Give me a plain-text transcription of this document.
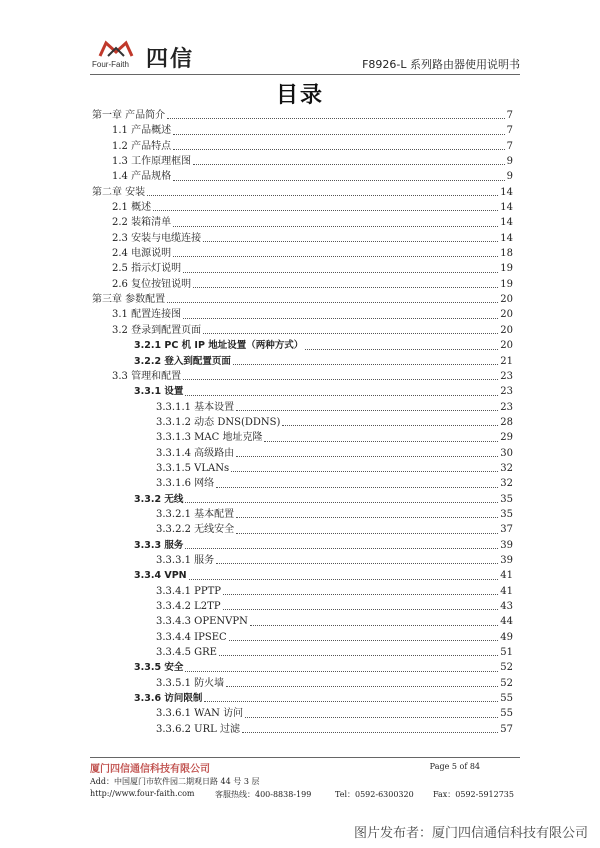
Four-Faith 四信	F8926-L 系列路由器使用说明书
目录
第一章 产品简介	7
1.1 产品概述	7
1.2 产品特点	7
1.3 工作原理框图	9
1.4 产品规格	9
第二章 安装	14
2.1 概述	14
2.2 装箱清单	14
2.3 安装与电缆连接	14
2.4 电源说明	18
2.5 指示灯说明	19
2.6 复位按钮说明	19
第三章 参数配置	20
3.1 配置连接图	20
3.2 登录到配置页面	20
3.2.1 PC 机 IP 地址设置（两种方式）	20
3.2.2 登入到配置页面	21
3.3 管理和配置	23
3.3.1 设置	23
3.3.1.1 基本设置	23
3.3.1.2 动态 DNS(DDNS)	28
3.3.1.3 MAC 地址克隆	29
3.3.1.4 高级路由	30
3.3.1.5 VLANs	32
3.3.1.6 网络	32
3.3.2 无线	35
3.3.2.1 基本配置	35
3.3.2.2 无线安全	37
3.3.3 服务	39
3.3.3.1 服务	39
3.3.4 VPN	41
3.3.4.1 PPTP	41
3.3.4.2 L2TP	43
3.3.4.3 OPENVPN	44
3.3.4.4 IPSEC	49
3.3.4.5 GRE	51
3.3.5 安全	52
3.3.5.1 防火墙	52
3.3.6 访问限制	55
3.3.6.1 WAN 访问	55
3.3.6.2 URL 过滤	57
厦门四信通信科技有限公司	Page 5 of 84
Add：中国厦门市软件园二期观日路 44 号 3 层
http://www.four-faith.com	客服热线：400-8838-199	Tel：0592-6300320 Fax：0592-5912735
图片发布者：厦门四信通信科技有限公司
